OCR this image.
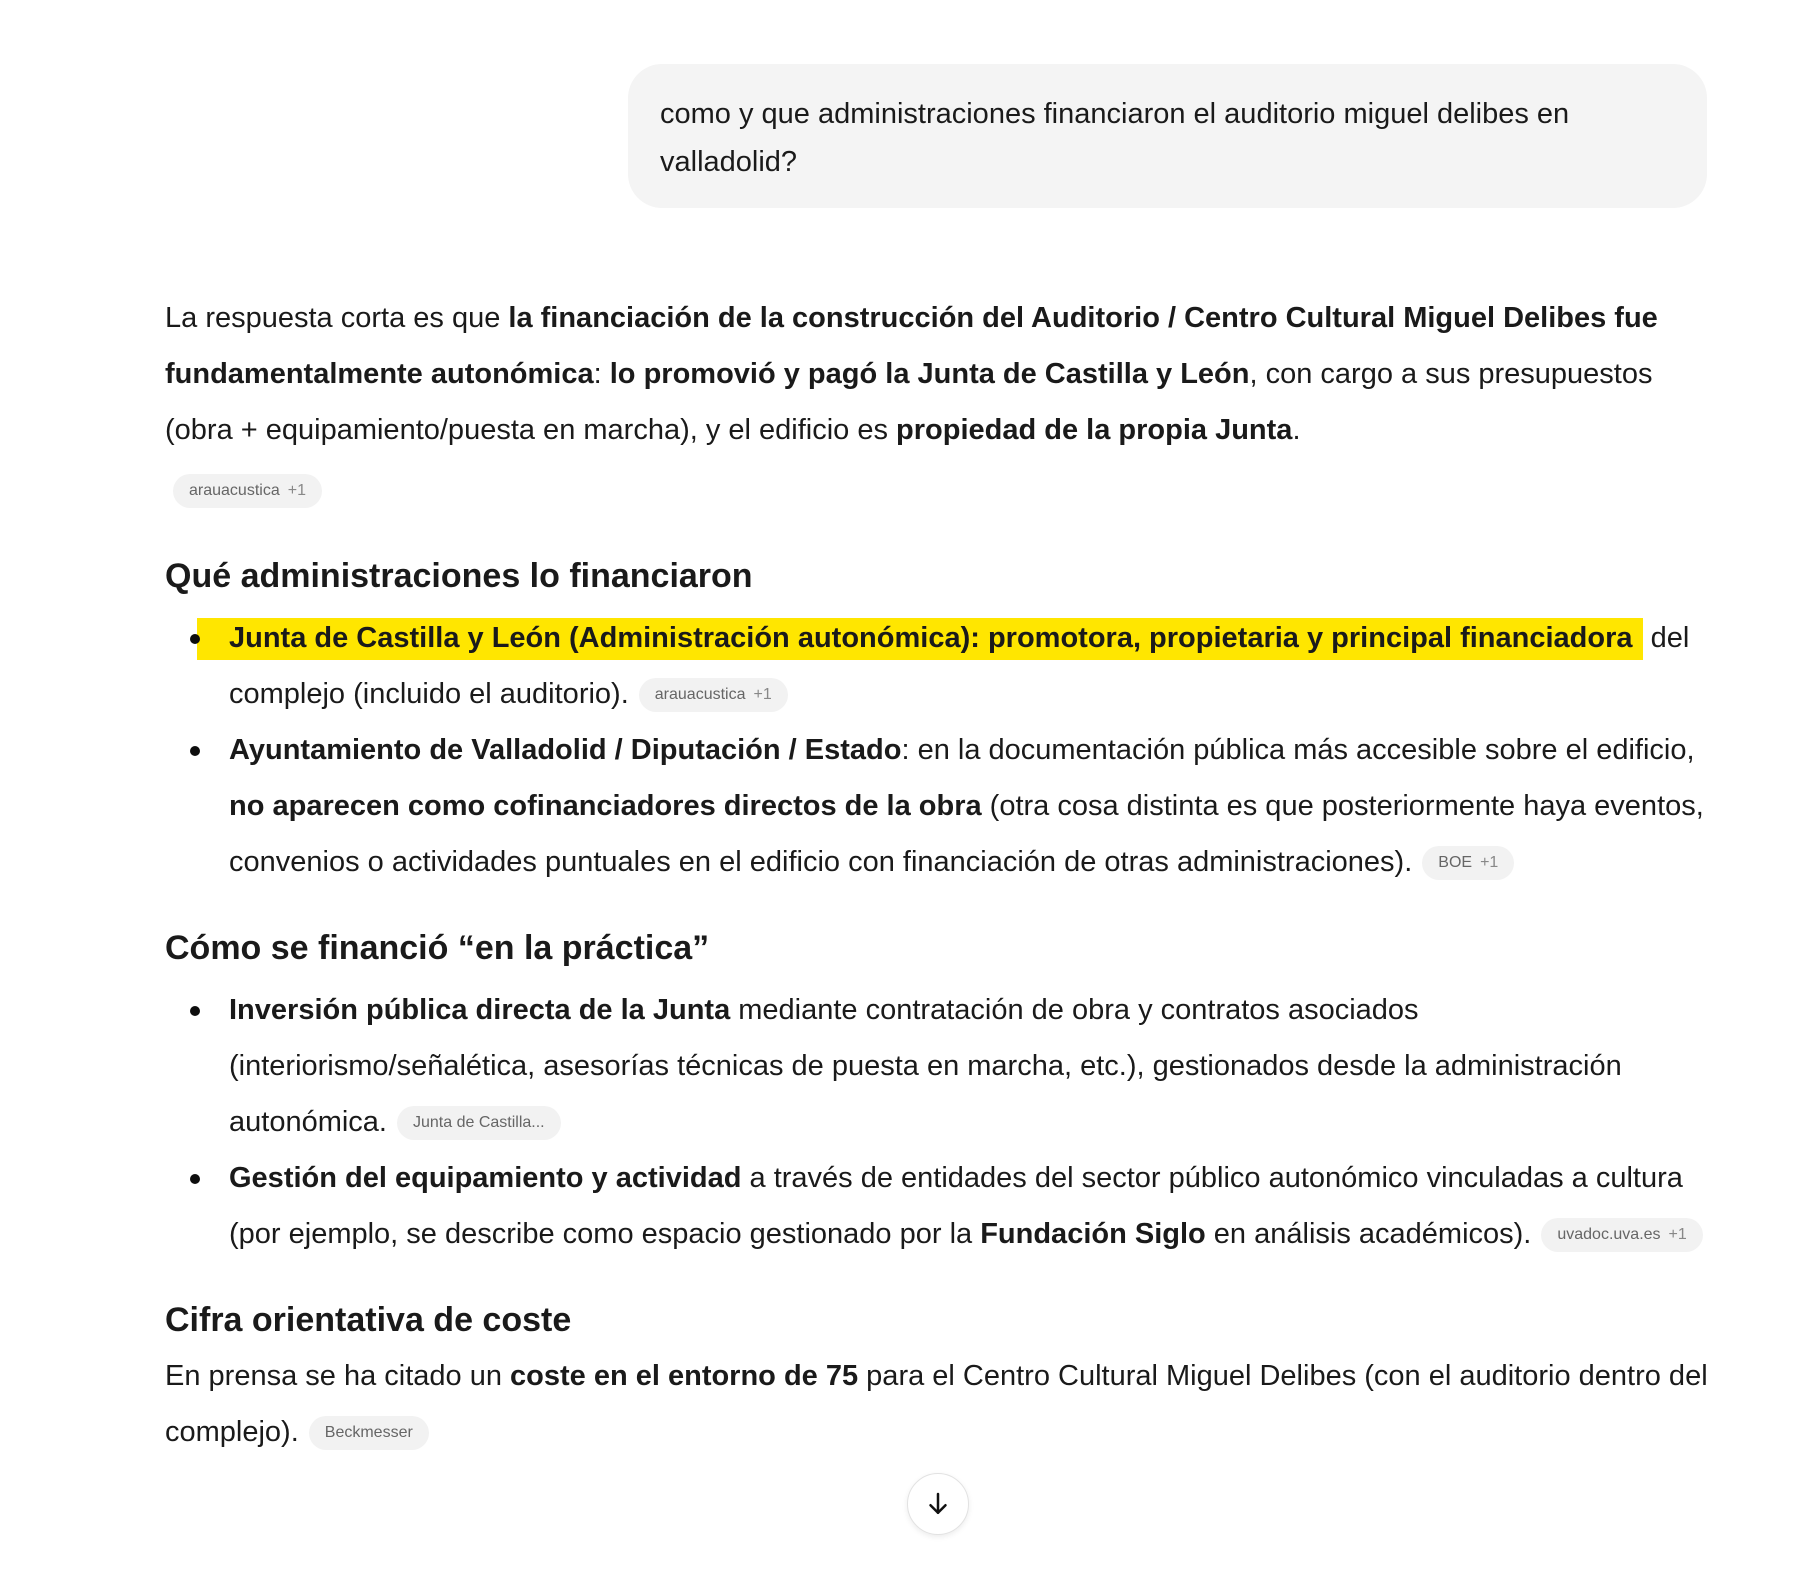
como y que administraciones financiaron el auditorio miguel delibes en valladolid?

La respuesta corta es que la financiación de la construcción del Auditorio / Centro Cultural Miguel Delibes fue fundamentalmente autonómica: lo promovió y pagó la Junta de Castilla y León, con cargo a sus presupuestos (obra + equipamiento/puesta en marcha), y el edificio es propiedad de la propia Junta.

arauacustica +1
Qué administraciones lo financiaron
Junta de Castilla y León (Administración autonómica): promotora, propietaria y principal financiadora del complejo (incluido el auditorio). arauacustica +1
Ayuntamiento de Valladolid / Diputación / Estado: en la documentación pública más accesible sobre el edificio, no aparecen como cofinanciadores directos de la obra (otra cosa distinta es que posteriormente haya eventos, convenios o actividades puntuales en el edificio con financiación de otras administraciones). BOE +1
Cómo se financió “en la práctica”
Inversión pública directa de la Junta mediante contratación de obra y contratos asociados (interiorismo/señalética, asesorías técnicas de puesta en marcha, etc.), gestionados desde la administración autonómica. Junta de Castilla...
Gestión del equipamiento y actividad a través de entidades del sector público autonómico vinculadas a cultura (por ejemplo, se describe como espacio gestionado por la Fundación Siglo en análisis académicos). uvadoc.uva.es +1
Cifra orientativa de coste

En prensa se ha citado un coste en el entorno de 75 para el Centro Cultural Miguel Delibes (con el auditorio dentro del complejo). Beckmesser
